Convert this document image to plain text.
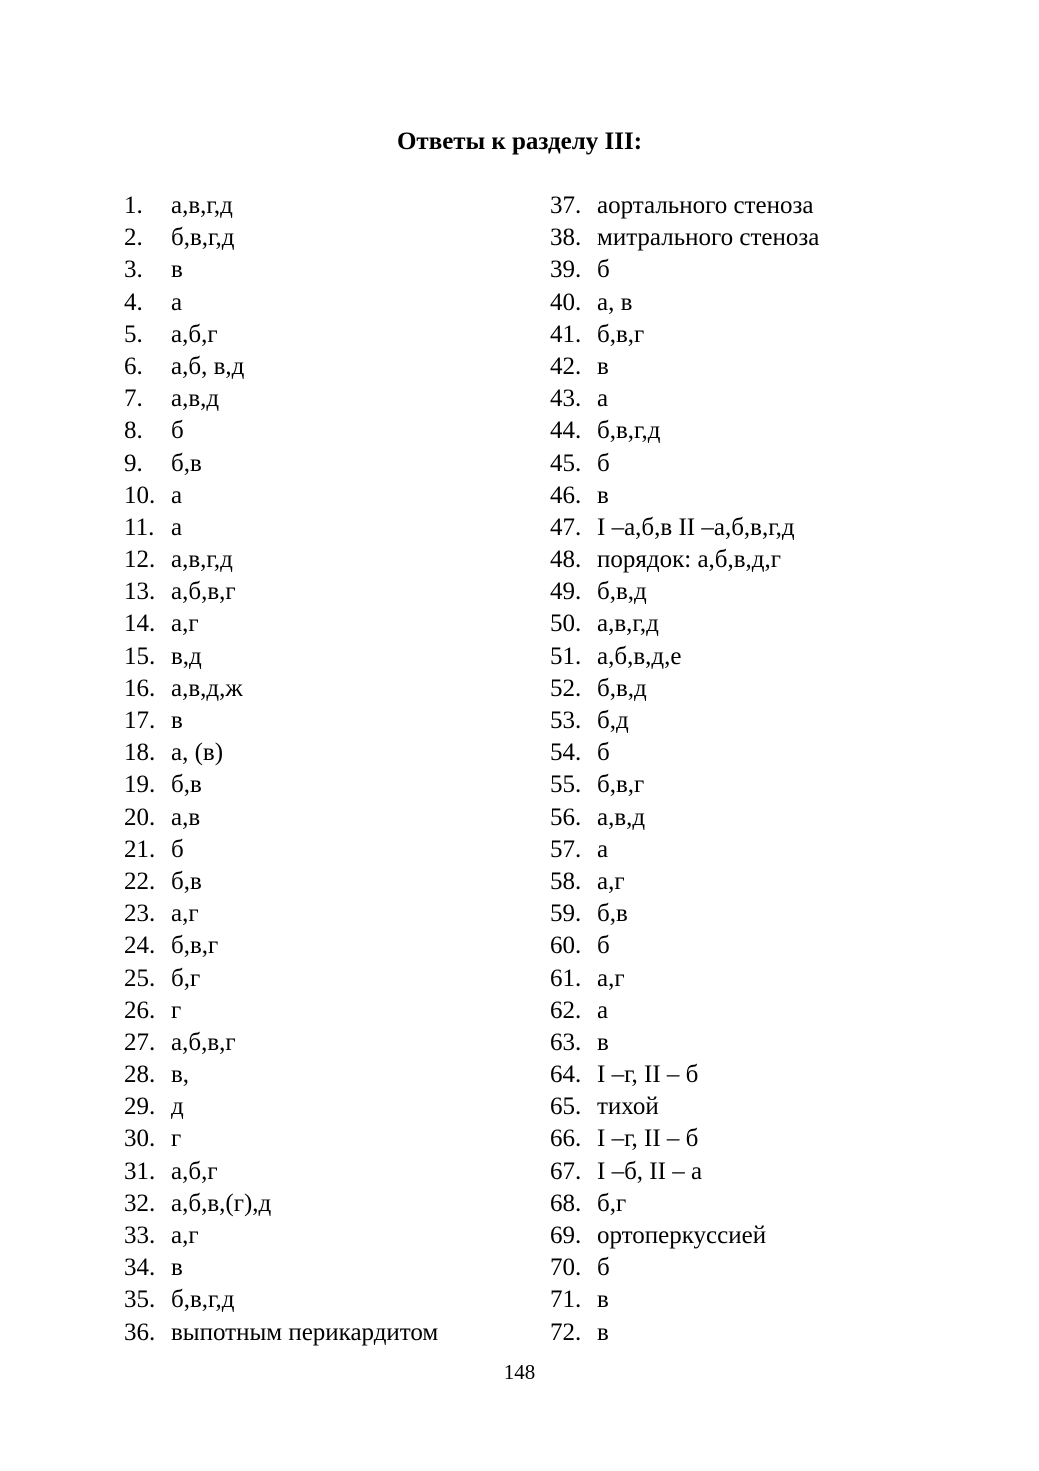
Ответы к разделу III:
1.	а,в,г,д
2.	б,в,г,д
3.	в
4.	а
5.	а,б,г
6.	а,б, в,д
7.	а,в,д
8.	б
9.	б,в
10. а
11. а
12. а,в,г,д
13. а,б,в,г
14. а,г
15. в,д
16. а,в,д,ж
17. в
18. а, (в)
19. б,в
20. а,в
21. б
22. б,в
23. а,г
24. б,в,г
25. б,г
26. г
27. а,б,в,г
28. в,
29. д
30. г
31. а,б,г
32. а,б,в,(г),д
33. а,г
34. в
35. б,в,г,д
36. выпотным перикардитом
37. аортального стеноза
38. митрального стеноза
39. б
40. а, в
41. б,в,г
42. в
43. а
44. б,в,г,д
45. б
46. в
47. I –а,б,в II –а,б,в,г,д
48. порядок: а,б,в,д,г
49. б,в,д
50. а,в,г,д
51. а,б,в,д,е
52. б,в,д
53. б,д
54. б
55. б,в,г
56. а,в,д
57. а
58. а,г
59. б,в
60. б
61. а,г
62. а
63. в
64. I –г, II – б
65. тихой
66. I –г, II – б
67. I –б, II – а
68. б,г
69. ортоперкуссией
70. б
71. в
72. в
148
